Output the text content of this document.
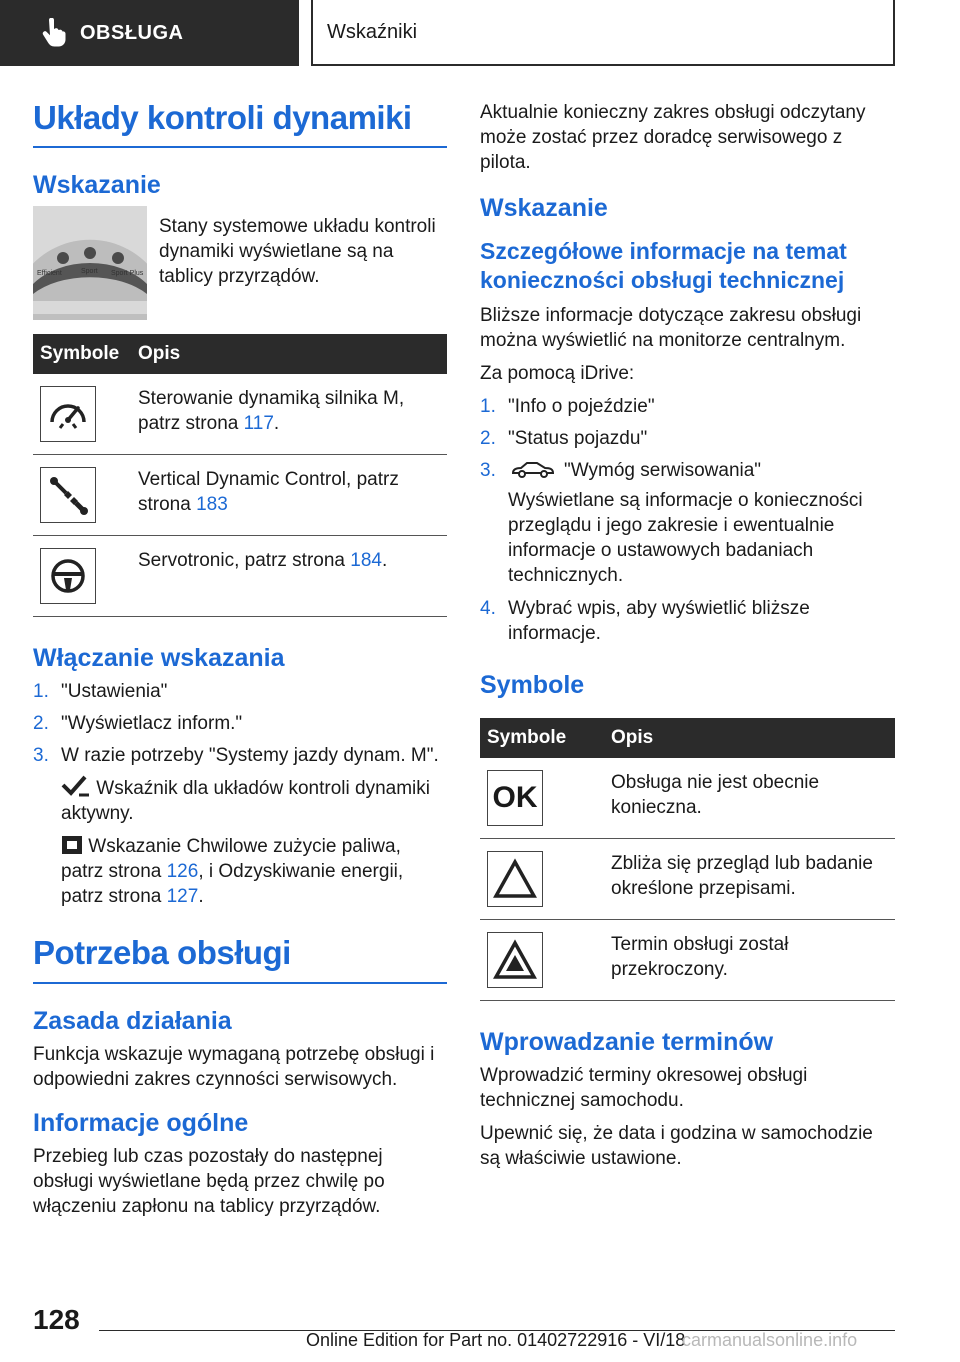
OBSŁUGA	Wskaźniki
Układy kontroli dynamiki
Wskazanie
Efficient	Sport Sport Plus

Stany systemowe układu kontroli dynamiki wyświetlane są na tablicy przyrządów.

Symbole	Opis

	Sterowanie dynamiką silnika M, patrz strona 117.

	Vertical Dynamic Control, patrz strona 183

	Servotronic, patrz strona 184.
Włączanie wskazania
1. "Ustawienia"
2. "Wyświetlacz inform."
3. W razie potrzeby "Systemy jazdy dynam. M".
Wskaźnik dla układów kontroli dynamiki aktywny.
Wskazanie Chwilowe zużycie paliwa, patrz strona 126, i Odzyskiwanie energii, patrz strona 127.
Potrzeba obsługi
Zasada działania

Funkcja wskazuje wymaganą potrzebę obsługi i odpowiedni zakres czynności serwisowych.

Informacje ogólne

Przebieg lub czas pozostały do następnej obsługi wyświetlane będą przez chwilę po włączeniu zapłonu na tablicy przyrządów.

Aktualnie konieczny zakres obsługi odczytany może zostać przez doradcę serwisowego z pilota.

Wskazanie
Szczegółowe informacje na temat konieczności obsługi technicznej

Bliższe informacje dotyczące zakresu obsługi można wyświetlić na monitorze centralnym.

Za pomocą iDrive:

1. "Info o pojeździe"
2. "Status pojazdu"
3.	"Wymóg serwisowania"
Wyświetlane są informacje o konieczności przeglądu i jego zakresie i ewentualnie informacje o ustawowych badaniach technicznych.
4. Wybrać wpis, aby wyświetlić bliższe informacje.
Symbole
Symbole	Opis

OK	Obsługa nie jest obecnie konieczna.

	Zbliża się przegląd lub badanie określone przepisami.

	Termin obsługi został przekroczony.
Wprowadzanie terminów

Wprowadzić terminy okresowej obsługi technicznej samochodu.

Upewnić się, że data i godzina w samochodzie są właściwie ustawione.

128
Online Edition for Part no. 01402722916 - VI/18
carmanualsonline.info
